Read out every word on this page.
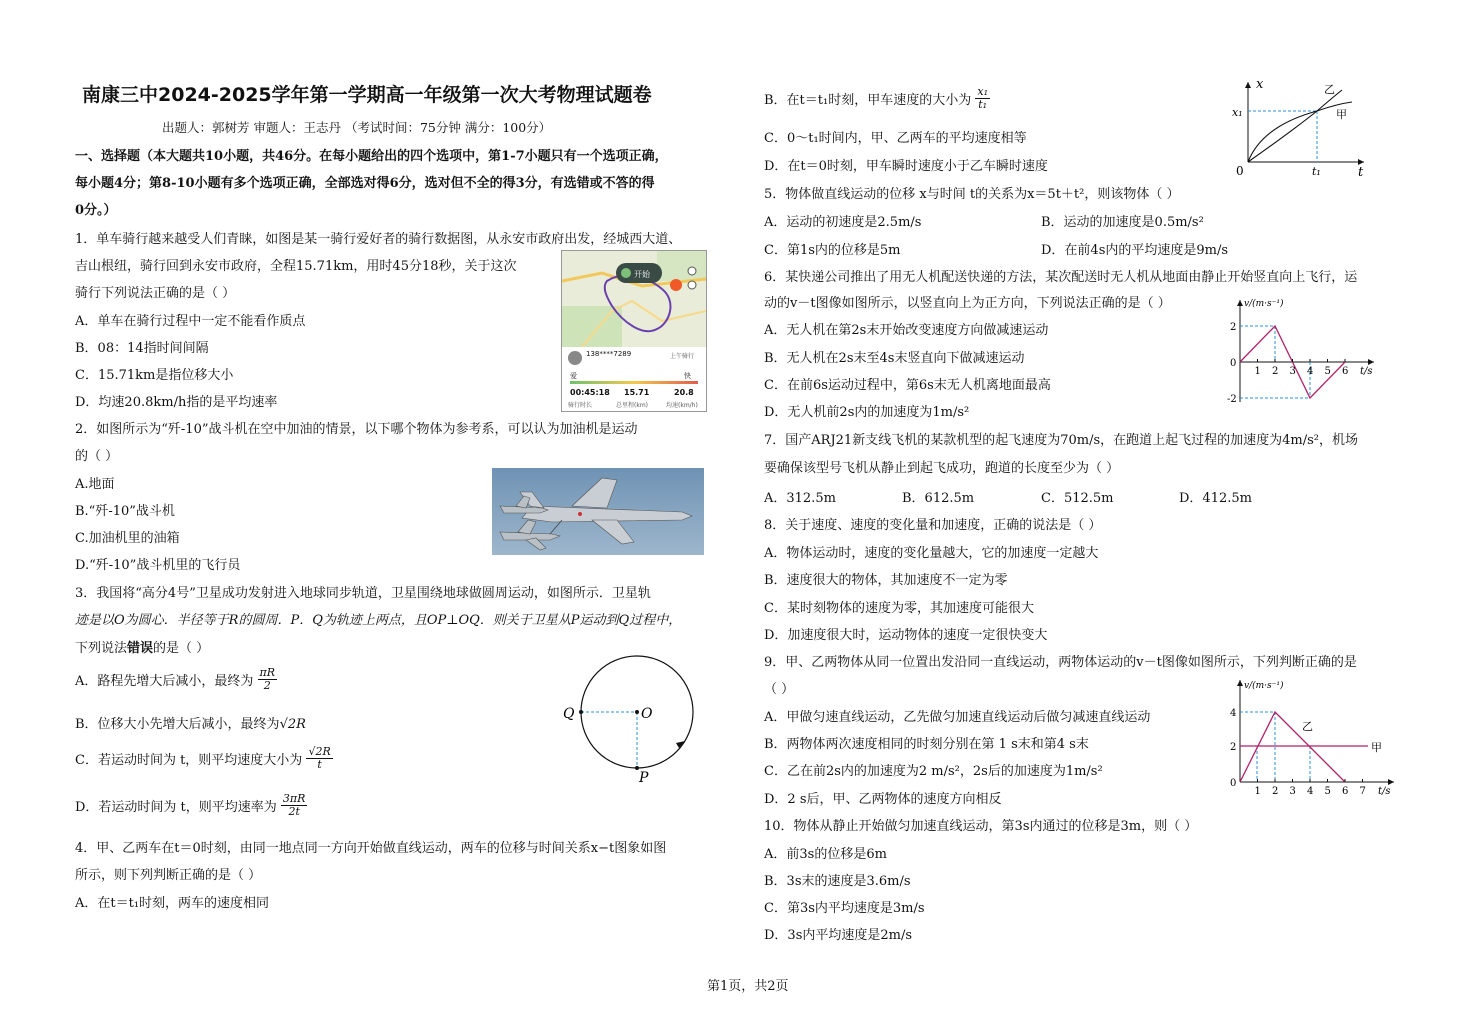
南康三中2024-2025学年第一学期高一年级第一次大考物理试题卷
出题人：郭树芳 审题人：王志丹 （考试时间：75分钟 满分：100分）
一、选择题（本大题共10小题，共46分。在每小题给出的四个选项中，第1-7小题只有一个选项正确，
每小题4分；第8-10小题有多个选项正确，全部选对得6分，选对但不全的得3分，有选错或不答的得
0分。）
1．单车骑行越来越受人们青睐，如图是某一骑行爱好者的骑行数据图，从永安市政府出发，经城西大道、
吉山根纽，骑行回到永安市政府，全程15.71km，用时45分18秒，关于这次
骑行下列说法正确的是（ ）
A．单车在骑行过程中一定不能看作质点
B．08：14指时间间隔
C．15.71km是指位移大小
D．均速20.8km/h指的是平均速率
开始
138****7289	上午骑行
爱	快
00:45:18 15.71	20.8
骑行时长	总里程(km)	均速(km/h)
2．如图所示为“歼-10”战斗机在空中加油的情景，以下哪个物体为参考系，可以认为加油机是运动
的（ ）
A.地面
B.“歼-10”战斗机
C.加油机里的油箱
D.“歼-10”战斗机里的飞行员
3．我国将“高分4号”卫星成功发射进入地球同步轨道，卫星围绕地球做圆周运动，如图所示．卫星轨
迹是以O为圆心．半径等于R的圆周．P．Q为轨迹上两点，且OP⊥OQ．则关于卫星从P运动到Q过程中，
下列说法错误的是（ ）
A．路程先增大后减小，最终为 $\frac{\pi R}{2}$
B．位移大小先增大后减小，最终为√2R
C．若运动时间为 t，则平均速度大小为 $\frac{√2R}{t}$
D．若运动时间为 t，则平均速率为 $\frac{3\pi R}{2t}$
Q	O
P
4．甲、乙两车在t＝0时刻，由同一地点同一方向开始做直线运动，两车的位移与时间关系x−t图象如图
所示，则下列判断正确的是（ ）
A．在t＝t₁时刻，两车的速度相同
B．在t＝t₁时刻，甲车速度的大小为 $\frac{\text{x₁}}{\text{t₁}}$
C．0～t₁时间内，甲、乙两车的平均速度相等
D．在t＝0时刻，甲车瞬时速度小于乙车瞬时速度
x
t
x₁
t₁
0
甲
乙
5．物体做直线运动的位移 x与时间 t的关系为x＝5t＋t²，则该物体（ ）
A．运动的初速度是2.5m/s	B．运动的加速度是0.5m/s²
C．第1s内的位移是5m	D．在前4s内的平均速度是9m/s
6．某快递公司推出了用无人机配送快递的方法，某次配送时无人机从地面由静止开始竖直向上飞行，运
动的v－t图像如图所示，以竖直向上为正方向，下列说法正确的是（ ）
A．无人机在第2s末开始改变速度方向做减速运动
B．无人机在2s末至4s末竖直向下做减速运动
C．在前6s运动过程中，第6s末无人机离地面最高
D．无人机前2s内的加速度为1m/s²
v/(m·s⁻¹)
t/s
2
-2
0
1 2 3 4 5 6
7．国产ARJ21新支线飞机的某款机型的起飞速度为70m/s，在跑道上起飞过程的加速度为4m/s²，机场
要确保该型号飞机从静止到起飞成功，跑道的长度至少为（ ）
A．312.5m	B．612.5m	C．512.5m	D．412.5m
8．关于速度、速度的变化量和加速度，正确的说法是（ ）
A．物体运动时，速度的变化量越大，它的加速度一定越大
B．速度很大的物体，其加速度不一定为零
C．某时刻物体的速度为零，其加速度可能很大
D．加速度很大时，运动物体的速度一定很快变大
9．甲、乙两物体从同一位置出发沿同一直线运动，两物体运动的v－t图像如图所示，下列判断正确的是
（ ）
A．甲做匀速直线运动，乙先做匀加速直线运动后做匀减速直线运动
B．两物体两次速度相同的时刻分别在第 1 s末和第4 s末
C．乙在前2s内的加速度为2 m/s²，2s后的加速度为1m/s²
D．2 s后，甲、乙两物体的速度方向相反
v/(m·s⁻¹)
t/s
4
2
0
甲
乙
1 2 3 4 5 6 7
10．物体从静止开始做匀加速直线运动，第3s内通过的位移是3m，则（ ）
A．前3s的位移是6m
B．3s末的速度是3.6m/s
C．第3s内平均速度是3m/s
D．3s内平均速度是2m/s
第1页，共2页
